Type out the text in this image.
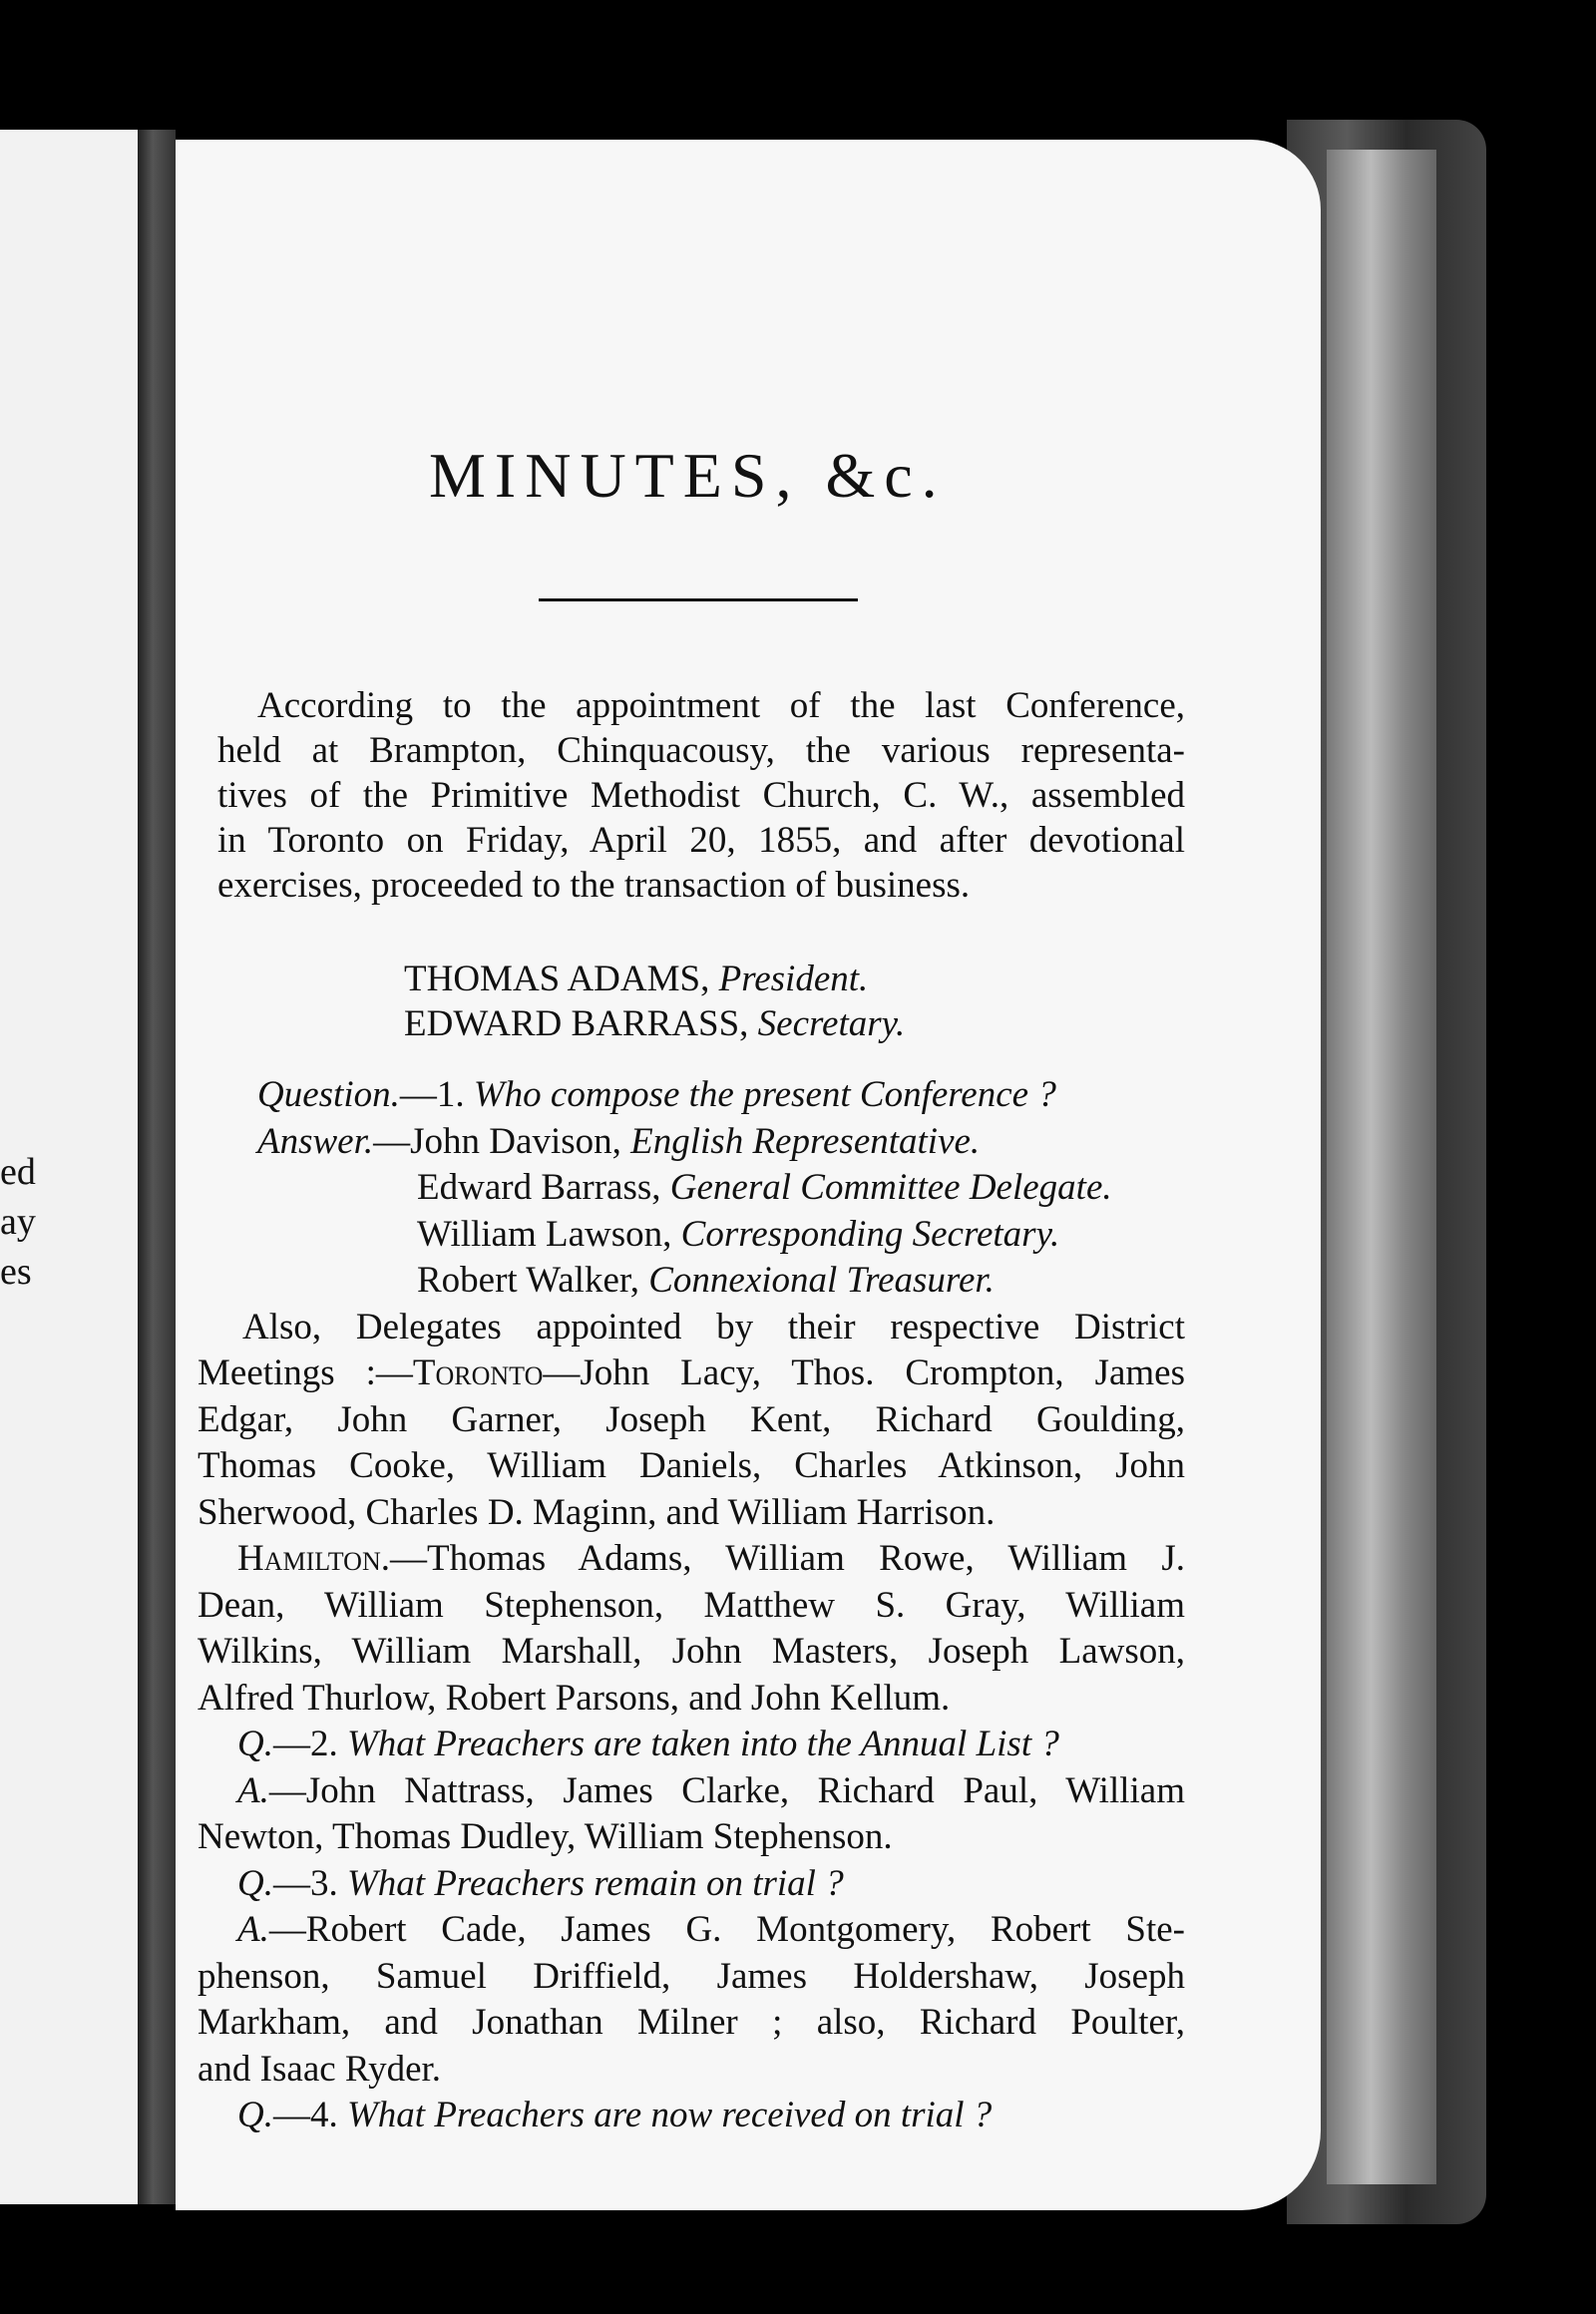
ed
ay
es
MINUTES, &c.
According to the appointment of the last Conference,
held at Brampton, Chinquacousy, the various representa-
tives of the Primitive Methodist Church, C. W., assembled
in Toronto on Friday, April 20, 1855, and after devotional
exercises, proceeded to the transaction of business.
THOMAS ADAMS, President.
EDWARD BARRASS, Secretary.
Question.—1. Who compose the present Conference ?
Answer.—John Davison, English Representative.
Edward Barrass, General Committee Delegate.
William Lawson, Corresponding Secretary.
Robert Walker, Connexional Treasurer.
Also, Delegates appointed by their respective District
Meetings :—Toronto—John Lacy, Thos. Crompton, James
Edgar, John Garner, Joseph Kent, Richard Goulding,
Thomas Cooke, William Daniels, Charles Atkinson, John
Sherwood, Charles D. Maginn, and William Harrison.
Hamilton.—Thomas Adams, William Rowe, William J.
Dean, William Stephenson, Matthew S. Gray, William
Wilkins, William Marshall, John Masters, Joseph Lawson,
Alfred Thurlow, Robert Parsons, and John Kellum.
Q.—2. What Preachers are taken into the Annual List ?
A.—John Nattrass, James Clarke, Richard Paul, William
Newton, Thomas Dudley, William Stephenson.
Q.—3. What Preachers remain on trial ?
A.—Robert Cade, James G. Montgomery, Robert Ste-
phenson, Samuel Driffield, James Holdershaw, Joseph
Markham, and Jonathan Milner ; also, Richard Poulter,
and Isaac Ryder.
Q.—4. What Preachers are now received on trial ?
